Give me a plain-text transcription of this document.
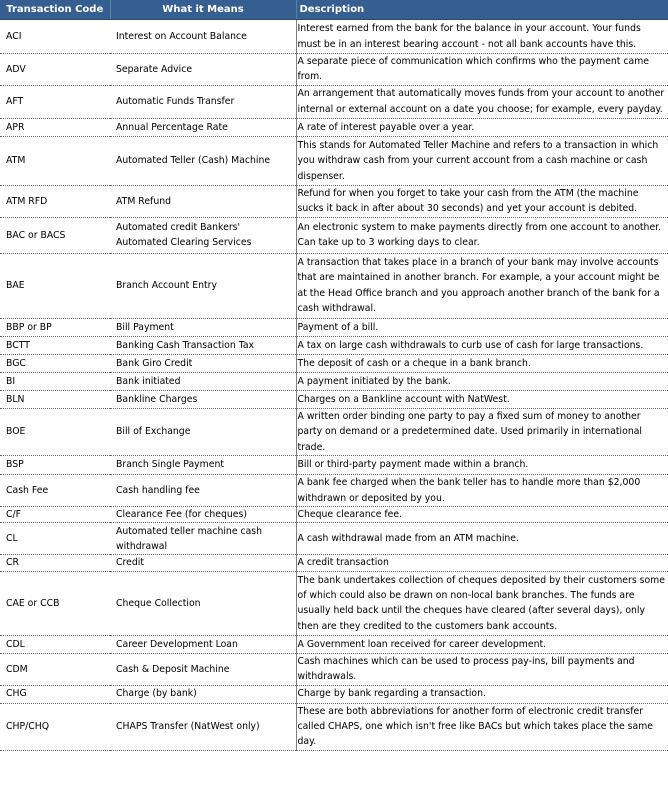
Transaction Code	What it Means	Description
ACI	Interest on Account Balance	Interest earned from the bank for the balance in your account. Your funds must be in an interest bearing account - not all bank accounts have this.
ADV	Separate Advice	A separate piece of communication which confirms who the payment came from.
AFT	Automatic Funds Transfer	An arrangement that automatically moves funds from your account to another internal or external account on a date you choose; for example, every payday.
APR	Annual Percentage Rate	A rate of interest payable over a year.
ATM	Automated Teller (Cash) Machine	This stands for Automated Teller Machine and refers to a transaction in which you withdraw cash from your current account from a cash machine or cash dispenser.
ATM RFD	ATM Refund	Refund for when you forget to take your cash from the ATM (the machine sucks it back in after about 30 seconds) and yet your account is debited.
BAC or BACS	Automated credit Bankers' Automated Clearing Services	An electronic system to make payments directly from one account to another. Can take up to 3 working days to clear.
BAE	Branch Account Entry	A transaction that takes place in a branch of your bank may involve accounts that are maintained in another branch. For example, a your account might be at the Head Office branch and you approach another branch of the bank for a cash withdrawal.
BBP or BP	Bill Payment	Payment of a bill.
BCTT	Banking Cash Transaction Tax	A tax on large cash withdrawals to curb use of cash for large transactions.
BGC	Bank Giro Credit	The deposit of cash or a cheque in a bank branch.
BI	Bank initiated	A payment initiated by the bank.
BLN	Bankline Charges	Charges on a Bankline account with NatWest.
BOE	Bill of Exchange	A written order binding one party to pay a fixed sum of money to another party on demand or a predetermined date. Used primarily in international trade.
BSP	Branch Single Payment	Bill or third-party payment made within a branch.
Cash Fee	Cash handling fee	A bank fee charged when the bank teller has to handle more than $2,000 withdrawn or deposited by you.
C/F	Clearance Fee (for cheques)	Cheque clearance fee.
CL	Automated teller machine cash withdrawal	A cash withdrawal made from an ATM machine.
CR	Credit	A credit transaction
CAE or CCB	Cheque Collection	The bank undertakes collection of cheques deposited by their customers some of which could also be drawn on non-local bank branches. The funds are usually held back until the cheques have cleared (after several days), only then are they credited to the customers bank accounts.
CDL	Career Development Loan	A Government loan received for career development.
CDM	Cash & Deposit Machine	Cash machines which can be used to process pay-ins, bill payments and withdrawals.
CHG	Charge (by bank)	Charge by bank regarding a transaction.
CHP/CHQ	CHAPS Transfer (NatWest only)	These are both abbreviations for another form of electronic credit transfer called CHAPS, one which isn't free like BACs but which takes place the same day.
